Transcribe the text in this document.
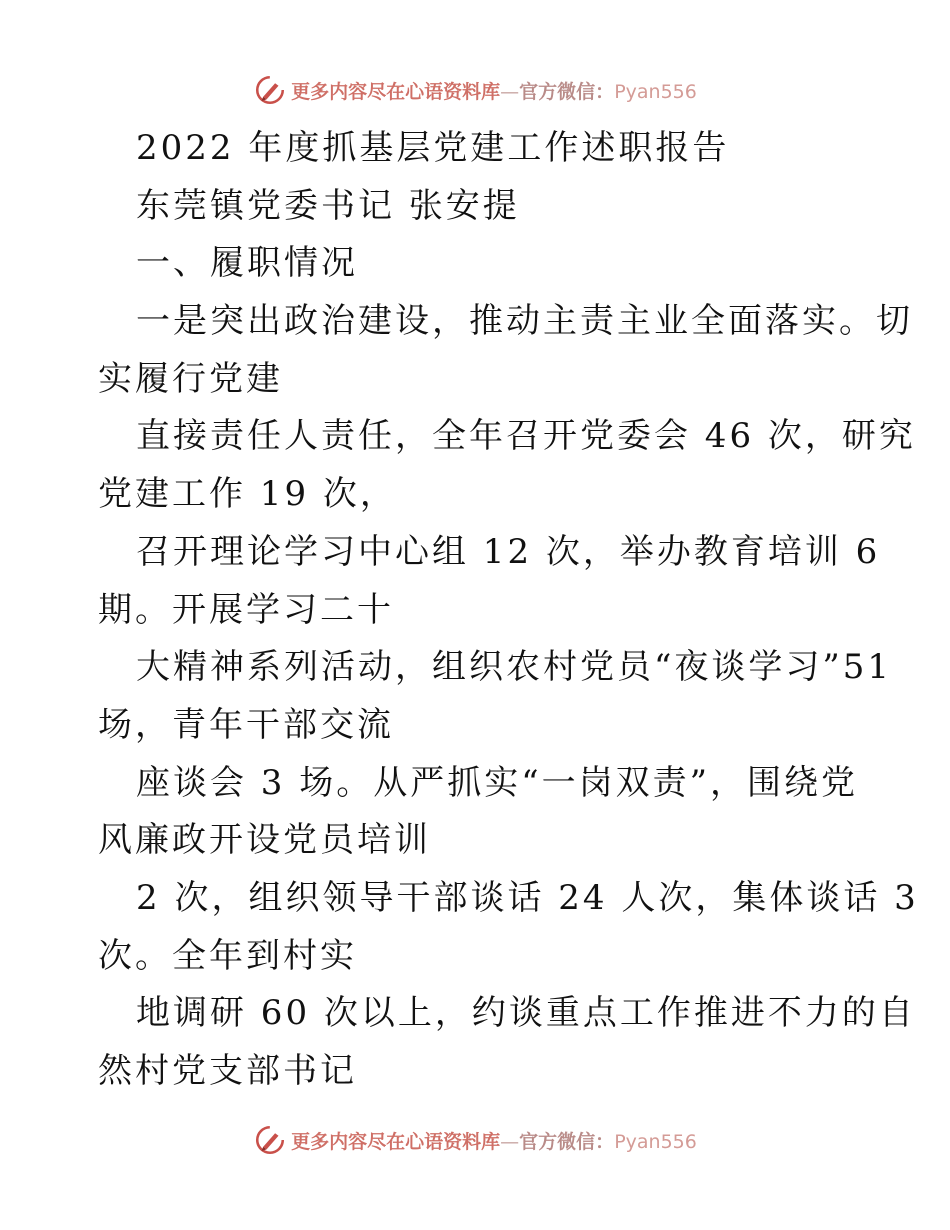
更多内容尽在心语资料库—官方微信：Pyan556
2022 年度抓基层党建工作述职报告
东莞镇党委书记 张安提
一、履职情况
一是突出政治建设，推动主责主业全面落实。切
实履行党建
直接责任人责任，全年召开党委会 46 次，研究
党建工作 19 次，
召开理论学习中心组 12 次，举办教育培训 6
期。开展学习二十
大精神系列活动，组织农村党员“夜谈学习”51
场，青年干部交流
座谈会 3 场。从严抓实“一岗双责”，围绕党
风廉政开设党员培训
2 次，组织领导干部谈话 24 人次，集体谈话 3
次。全年到村实
地调研 60 次以上，约谈重点工作推进不力的自
然村党支部书记
更多内容尽在心语资料库—官方微信：Pyan556
